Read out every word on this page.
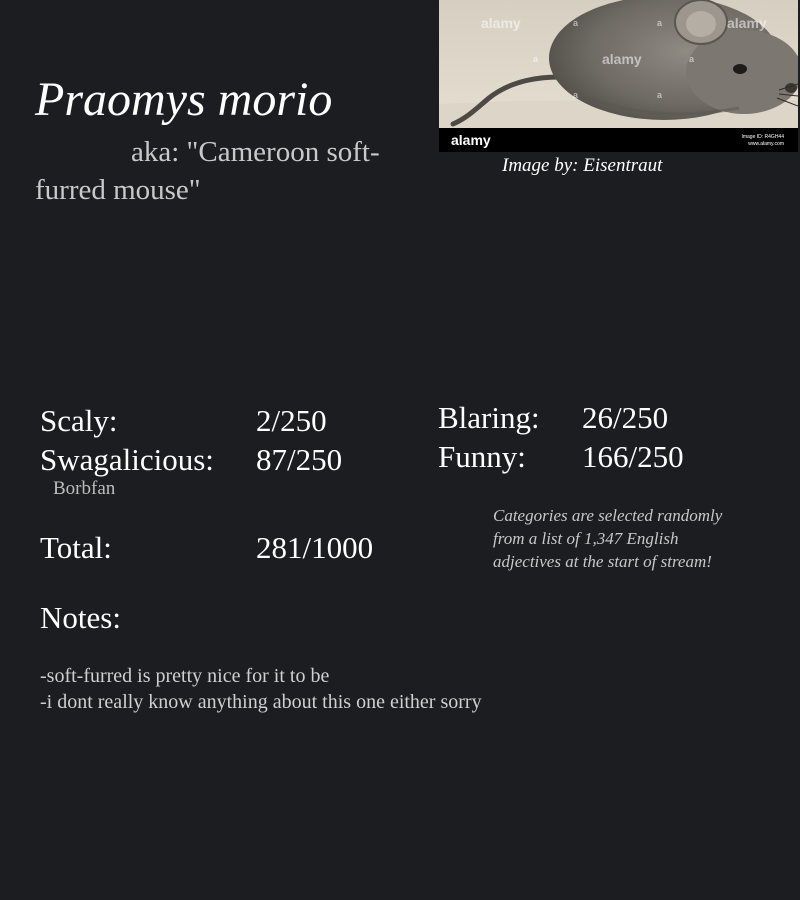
Praomys morio

aka: "Cameroon soft-furred mouse"

alamy
alamy
alamy
a	a
a	a
a	a
alamy	Image ID: R4GH44
www.alamy.com
Image by: Eisentraut
Scaly:	2/250
Swagalicious: 87/250
Borbfan
Blaring: 26/250
Funny: 166/250
Total:	281/1000

Categories are selected randomly from a list of 1,347 English adjectives at the start of stream!

Notes:
-soft-furred is pretty nice for it to be
-i dont really know anything about this one either sorry
